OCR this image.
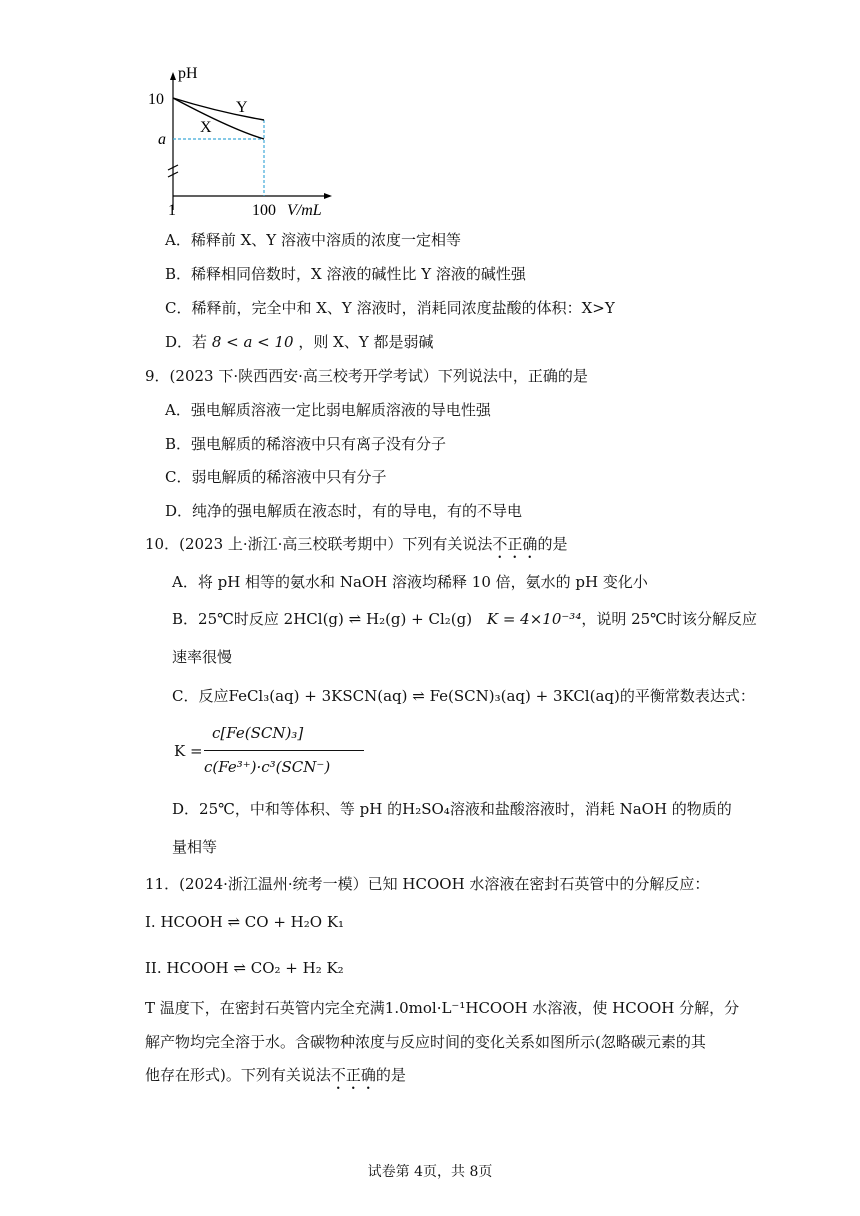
pH
10
a
1	100 V/mL
Y
X
A．稀释前 X、Y 溶液中溶质的浓度一定相等
B．稀释相同倍数时，X 溶液的碱性比 Y 溶液的碱性强
C．稀释前，完全中和 X、Y 溶液时，消耗同浓度盐酸的体积：X>Y
D．若 8 < a < 10 ，则 X、Y 都是弱碱
9．(2023 下·陕西西安·高三校考开学考试）下列说法中，正确的是
A．强电解质溶液一定比弱电解质溶液的导电性强
B．强电解质的稀溶液中只有离子没有分子
C．弱电解质的稀溶液中只有分子
D．纯净的强电解质在液态时，有的导电，有的不导电
10．(2023 上·浙江·高三校联考期中）下列有关说法不正确的是
A．将 pH 相等的氨水和 NaOH 溶液均稀释 10 倍，氨水的 pH 变化小
B．25℃时反应 2HCl(g) ⇌ H₂(g) + Cl₂(g) K = 4×10⁻³⁴，说明 25℃时该分解反应
速率很慢
C．反应FeCl₃(aq) + 3KSCN(aq) ⇌ Fe(SCN)₃(aq) + 3KCl(aq)的平衡常数表达式：
K =
c[Fe(SCN)₃]
c(Fe³⁺)·c³(SCN⁻)
D．25℃，中和等体积、等 pH 的H₂SO₄溶液和盐酸溶液时，消耗 NaOH 的物质的
量相等
11．(2024·浙江温州·统考一模）已知 HCOOH 水溶液在密封石英管中的分解反应：
I. HCOOH ⇌ CO + H₂O K₁
II. HCOOH ⇌ CO₂ + H₂ K₂
T 温度下，在密封石英管内完全充满1.0mol·L⁻¹HCOOH 水溶液，使 HCOOH 分解，分
解产物均完全溶于水。含碳物种浓度与反应时间的变化关系如图所示(忽略碳元素的其
他存在形式)。下列有关说法不正确的是
试卷第 4页，共 8页
